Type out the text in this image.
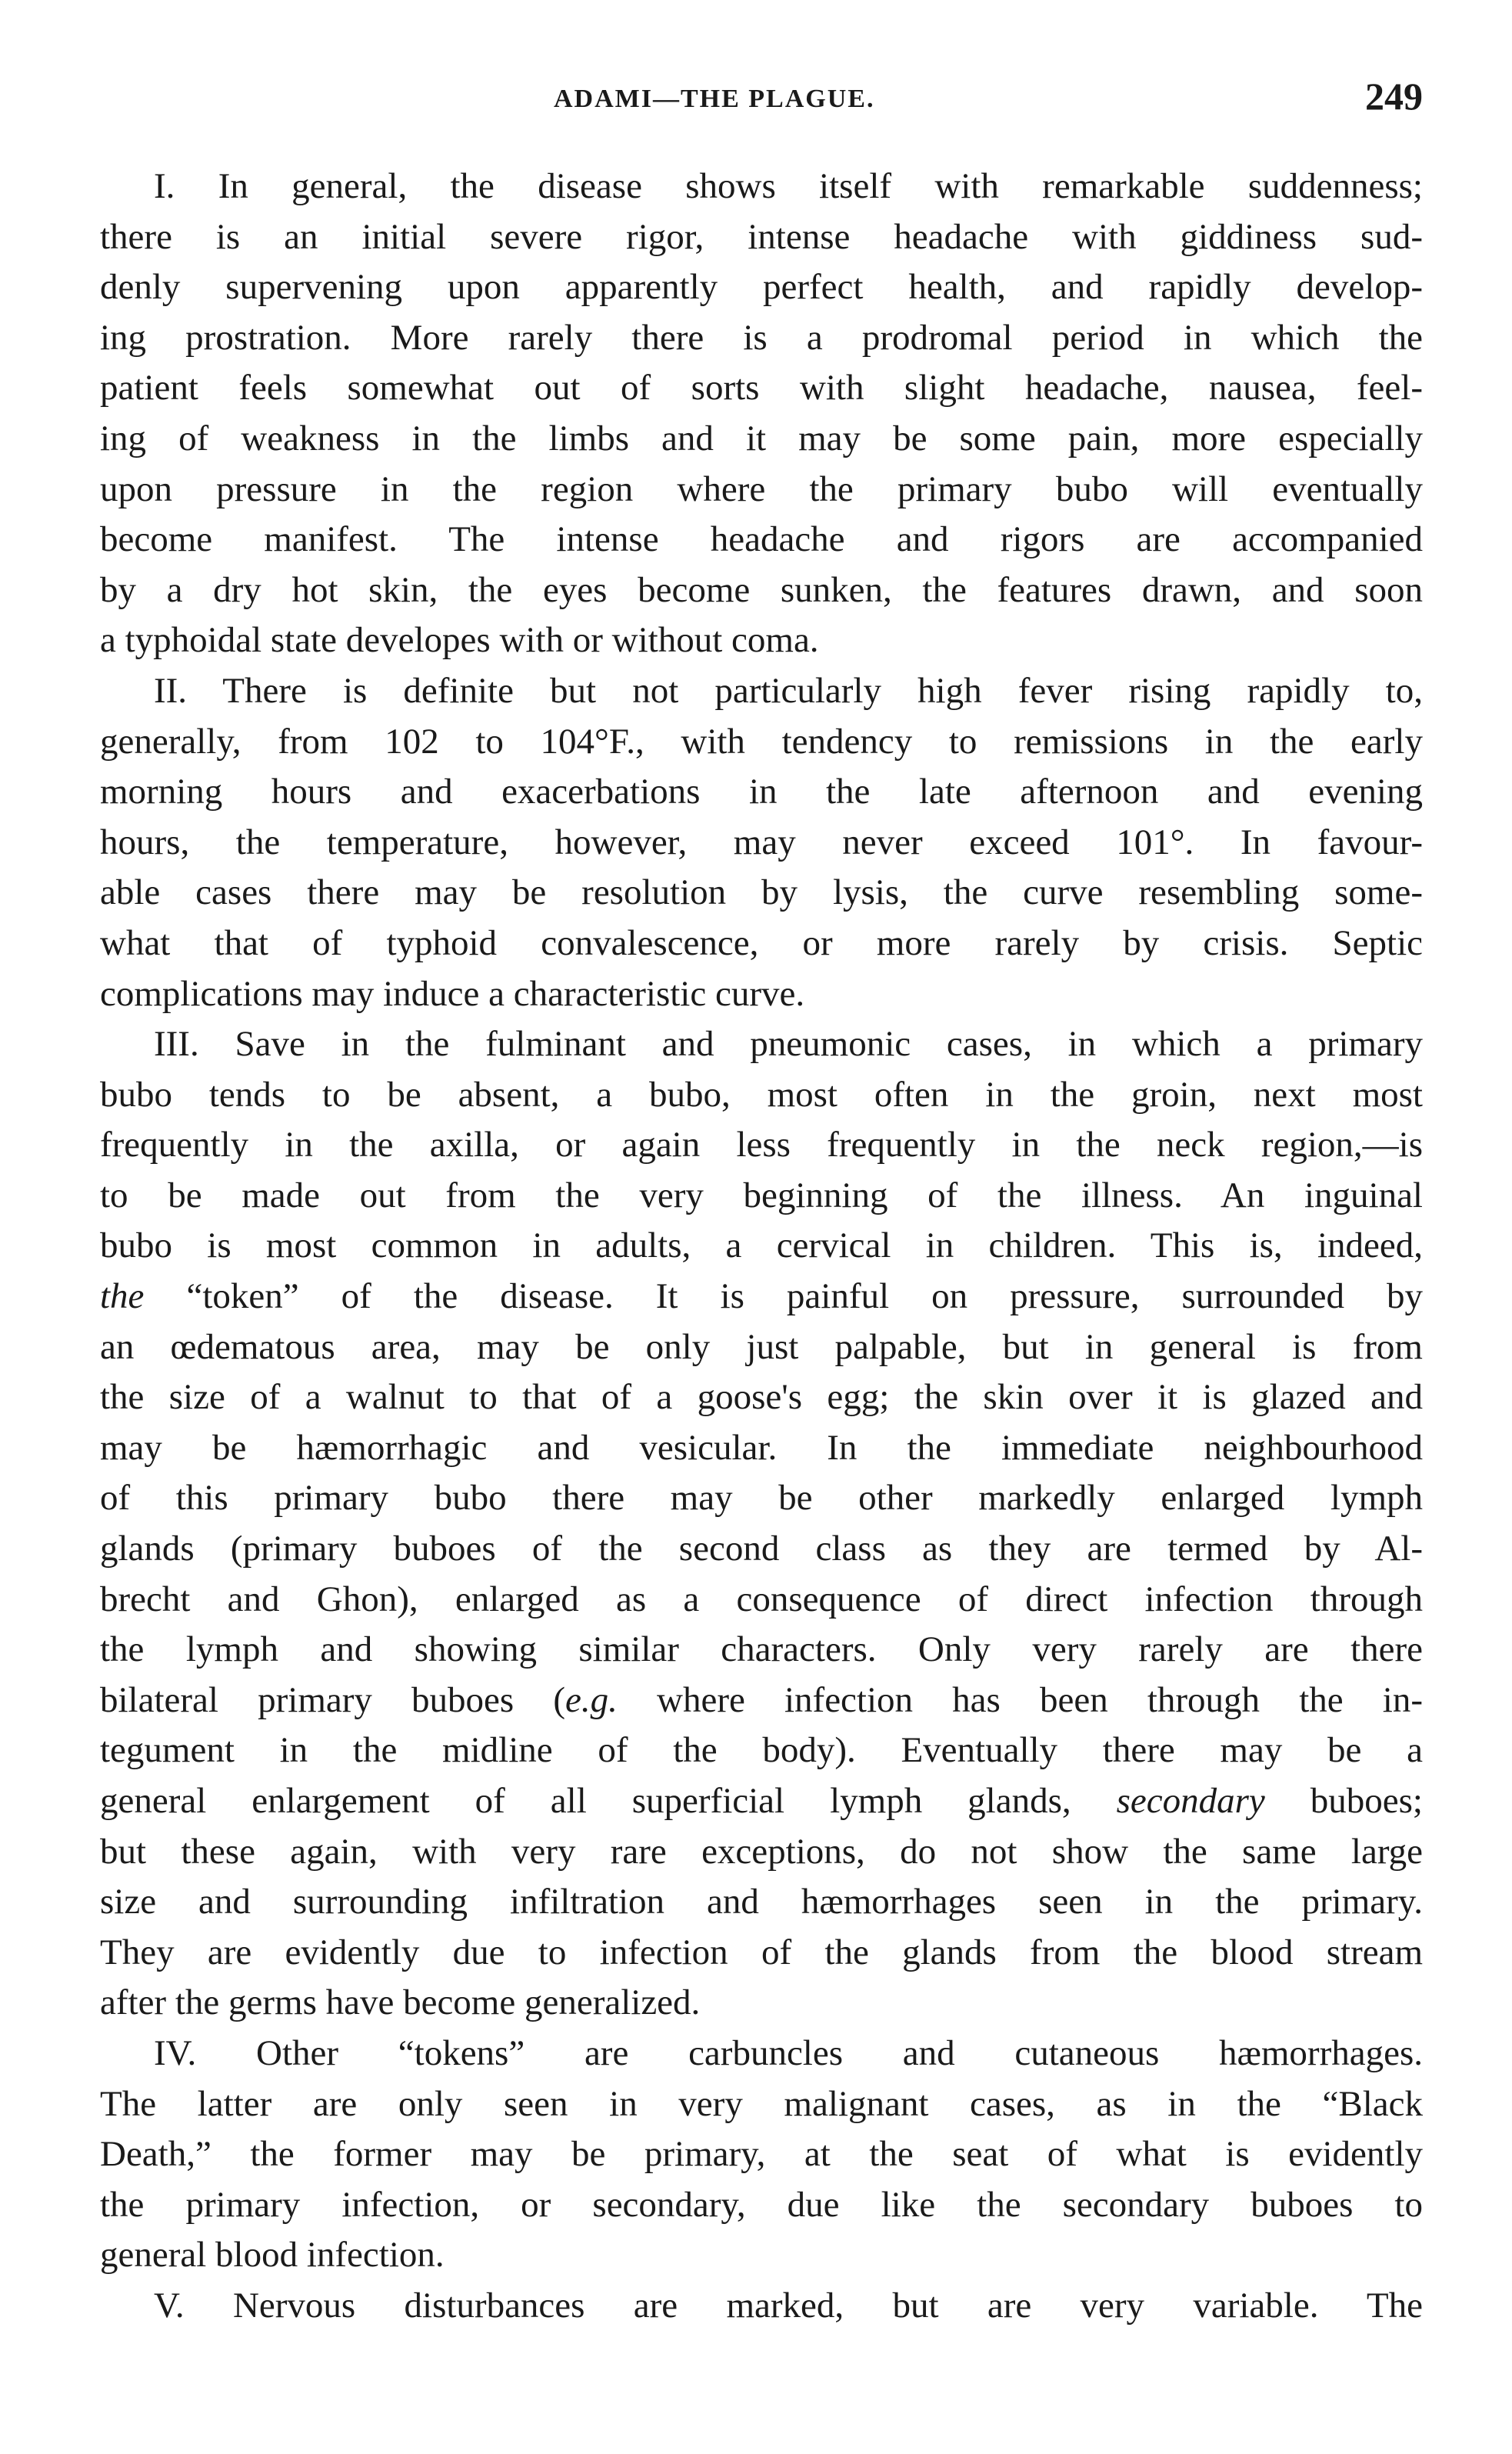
ADAMI—THE PLAGUE.	249
I. In general, the disease shows itself with remarkable suddenness;
there is an initial severe rigor, intense headache with giddiness sud-
denly supervening upon apparently perfect health, and rapidly develop-
ing prostration. More rarely there is a prodromal period in which the
patient feels somewhat out of sorts with slight headache, nausea, feel-
ing of weakness in the limbs and it may be some pain, more especially
upon pressure in the region where the primary bubo will eventually
become manifest. The intense headache and rigors are accompanied
by a dry hot skin, the eyes become sunken, the features drawn, and soon
a typhoidal state developes with or without coma.
II. There is definite but not particularly high fever rising rapidly to,
generally, from 102 to 104°F., with tendency to remissions in the early
morning hours and exacerbations in the late afternoon and evening
hours, the temperature, however, may never exceed 101°. In favour-
able cases there may be resolution by lysis, the curve resembling some-
what that of typhoid convalescence, or more rarely by crisis. Septic
complications may induce a characteristic curve.
III. Save in the fulminant and pneumonic cases, in which a primary
bubo tends to be absent, a bubo, most often in the groin, next most
frequently in the axilla, or again less frequently in the neck region,—is
to be made out from the very beginning of the illness. An inguinal
bubo is most common in adults, a cervical in children. This is, indeed,
the “token” of the disease. It is painful on pressure, surrounded by
an œdematous area, may be only just palpable, but in general is from
the size of a walnut to that of a goose's egg; the skin over it is glazed and
may be hæmorrhagic and vesicular. In the immediate neighbourhood
of this primary bubo there may be other markedly enlarged lymph
glands (primary buboes of the second class as they are termed by Al-
brecht and Ghon), enlarged as a consequence of direct infection through
the lymph and showing similar characters. Only very rarely are there
bilateral primary buboes (e.g. where infection has been through the in-
tegument in the midline of the body). Eventually there may be a
general enlargement of all superficial lymph glands, secondary buboes;
but these again, with very rare exceptions, do not show the same large
size and surrounding infiltration and hæmorrhages seen in the primary.
They are evidently due to infection of the glands from the blood stream
after the germs have become generalized.
IV. Other “tokens” are carbuncles and cutaneous hæmorrhages.
The latter are only seen in very malignant cases, as in the “Black
Death,” the former may be primary, at the seat of what is evidently
the primary infection, or secondary, due like the secondary buboes to
general blood infection.
V. Nervous disturbances are marked, but are very variable. The
